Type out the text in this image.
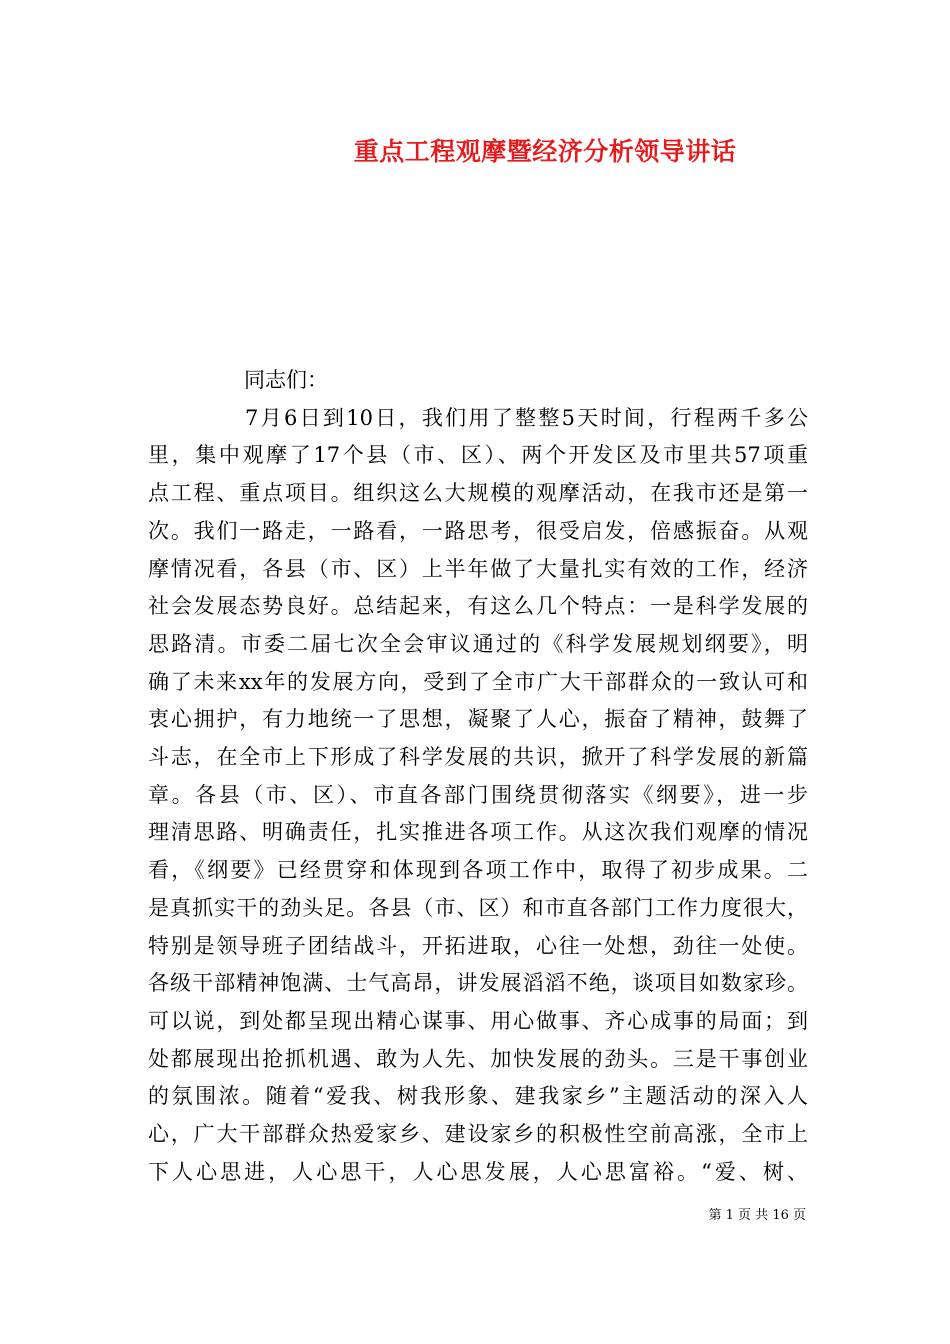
重点工程观摩暨经济分析领导讲话

同志们：

7月6日到10日，我们用了整整5天时间，行程两千多公

里，集中观摩了17个县（市、区）、两个开发区及市里共57项重

点工程、重点项目。组织这么大规模的观摩活动，在我市还是第一

次。我们一路走，一路看，一路思考，很受启发，倍感振奋。从观

摩情况看，各县（市、区）上半年做了大量扎实有效的工作，经济

社会发展态势良好。总结起来，有这么几个特点：一是科学发展的

思路清。市委二届七次全会审议通过的《科学发展规划纲要》，明

确了未来xx年的发展方向，受到了全市广大干部群众的一致认可和

衷心拥护，有力地统一了思想，凝聚了人心，振奋了精神，鼓舞了

斗志，在全市上下形成了科学发展的共识，掀开了科学发展的新篇

章。各县（市、区）、市直各部门围绕贯彻落实《纲要》，进一步

理清思路、明确责任，扎实推进各项工作。从这次我们观摩的情况

看，《纲要》已经贯穿和体现到各项工作中，取得了初步成果。二

是真抓实干的劲头足。各县（市、区）和市直各部门工作力度很大，

特别是领导班子团结战斗，开拓进取，心往一处想，劲往一处使。

各级干部精神饱满、士气高昂，讲发展滔滔不绝，谈项目如数家珍。

可以说，到处都呈现出精心谋事、用心做事、齐心成事的局面；到

处都展现出抢抓机遇、敢为人先、加快发展的劲头。三是干事创业

的氛围浓。随着“爱我、树我形象、建我家乡”主题活动的深入人

心，广大干部群众热爱家乡、建设家乡的积极性空前高涨，全市上

下人心思进，人心思干，人心思发展，人心思富裕。“爱、树、

第 1 页 共 16 页
